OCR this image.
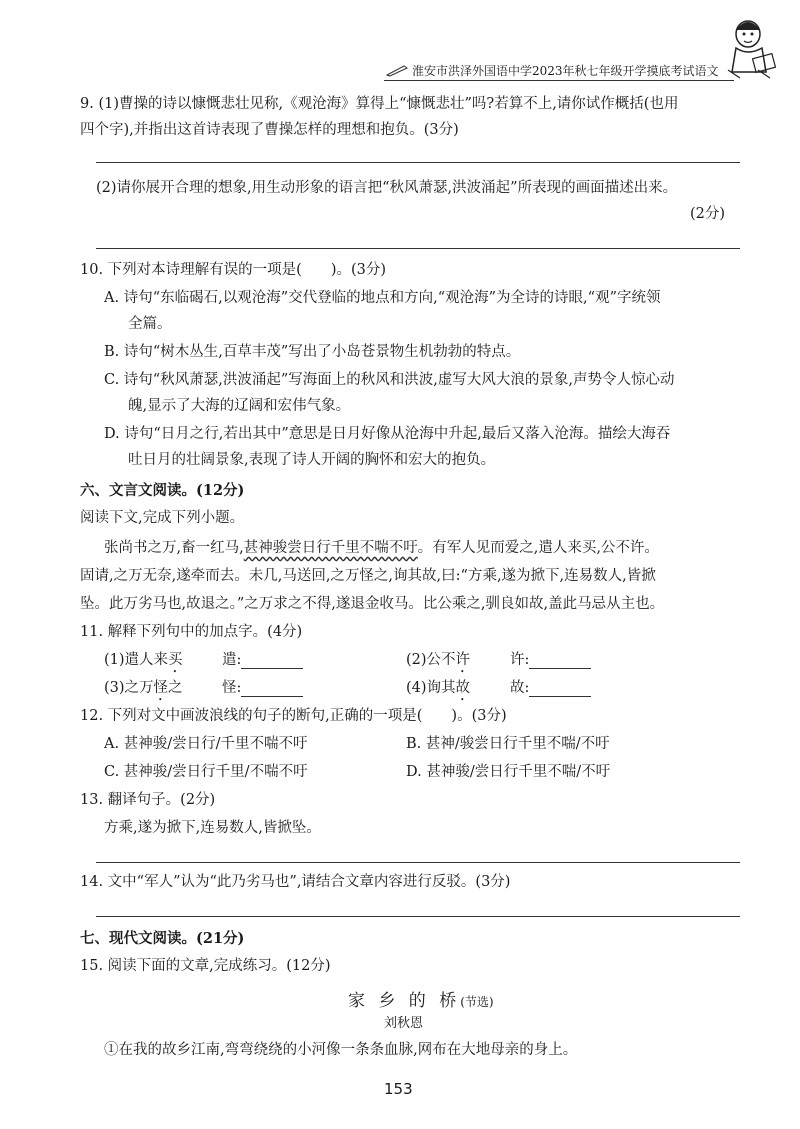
淮安市洪泽外国语中学2023年秋七年级开学摸底考试语文
9. (1)曹操的诗以慷慨悲壮见称,《观沧海》算得上“慷慨悲壮”吗?若算不上,请你试作概括(也用
四个字),并指出这首诗表现了曹操怎样的理想和抱负。(3分)
(2)请你展开合理的想象,用生动形象的语言把“秋风萧瑟,洪波涌起”所表现的画面描述出来。
(2分)
10. 下列对本诗理解有误的一项是(　　)。(3分)
A. 诗句“东临碣石,以观沧海”交代登临的地点和方向,“观沧海”为全诗的诗眼,“观”字统领
全篇。
B. 诗句“树木丛生,百草丰茂”写出了小岛苍景物生机勃勃的特点。
C. 诗句“秋风萧瑟,洪波涌起”写海面上的秋风和洪波,虚写大风大浪的景象,声势令人惊心动
魄,显示了大海的辽阔和宏伟气象。
D. 诗句“日月之行,若出其中”意思是日月好像从沧海中升起,最后又落入沧海。描绘大海吞
吐日月的壮阔景象,表现了诗人开阔的胸怀和宏大的抱负。
六、文言文阅读。(12分)
阅读下文,完成下列小题。
张尚书之万,畜一红马,甚神骏尝日行千里不喘不吁。有军人见而爱之,遣人来买,公不许。
固请,之万无奈,遂牵而去。未几,马送回,之万怪之,询其故,曰:“方乘,遂为掀下,连易数人,皆掀
坠。此万劣马也,故退之。”之万求之不得,遂退金收马。比公乘之,驯良如故,盖此马忌从主也。
11. 解释下列句中的加点字。(4分)
(1)遣人来买	遣:	(2)公不许	许:
(3)之万怪之	怪:	(4)询其故	故:
12. 下列对文中画波浪线的句子的断句,正确的一项是(　　)。(3分)
A. 甚神骏/尝日行/千里不喘不吁	B. 甚神/骏尝日行千里不喘/不吁
C. 甚神骏/尝日行千里/不喘不吁	D. 甚神骏/尝日行千里不喘/不吁
13. 翻译句子。(2分)
方乘,遂为掀下,连易数人,皆掀坠。
14. 文中“军人”认为“此乃劣马也”,请结合文章内容进行反驳。(3分)
七、现代文阅读。(21分)
15. 阅读下面的文章,完成练习。(12分)
家 乡 的 桥(节选)
刘秋恩
①在我的故乡江南,弯弯绕绕的小河像一条条血脉,网布在大地母亲的身上。
153
